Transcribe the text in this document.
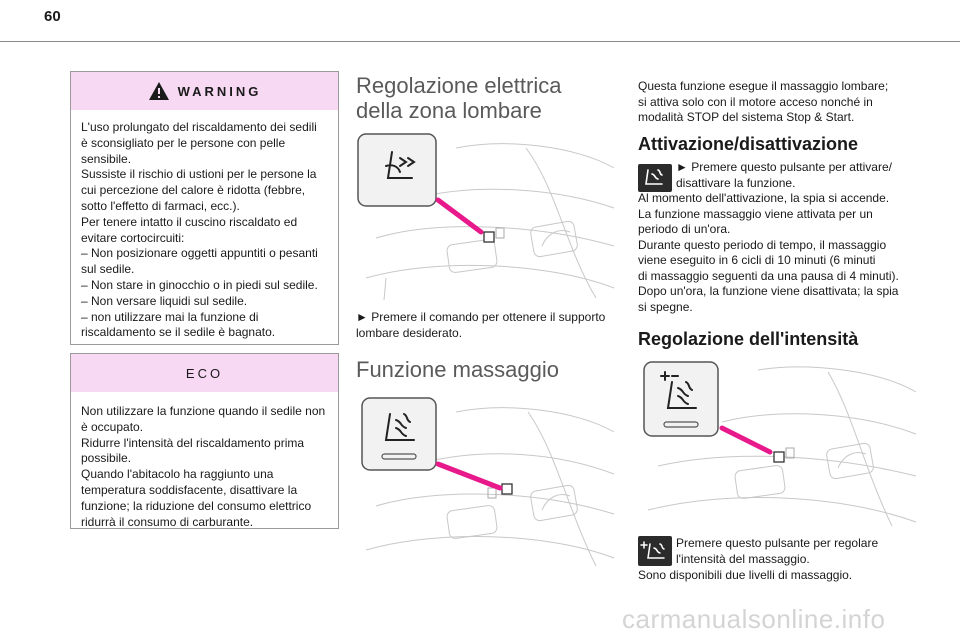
60
WARNING

L'uso prolungato del riscaldamento dei sedili

è sconsigliato per le persone con pelle

sensibile.

Sussiste il rischio di ustioni per le persone la

cui percezione del calore è ridotta (febbre,

sotto l'effetto di farmaci, ecc.).

Per tenere intatto il cuscino riscaldato ed

evitare cortocircuiti:

– Non posizionare oggetti appuntiti o pesanti

sul sedile.

– Non stare in ginocchio o in piedi sul sedile.

– Non versare liquidi sul sedile.

– non utilizzare mai la funzione di

riscaldamento se il sedile è bagnato.

ECO

Non utilizzare la funzione quando il sedile non

è occupato.

Ridurre l'intensità del riscaldamento prima

possibile.

Quando l'abitacolo ha raggiunto una

temperatura soddisfacente, disattivare la

funzione; la riduzione del consumo elettrico

ridurrà il consumo di carburante.

Regolazione elettrica
della zona lombare

► Premere il comando per ottenere il supporto

lombare desiderato.

Funzione massaggio

Questa funzione esegue il massaggio lombare;

si attiva solo con il motore acceso nonché in

modalità STOP del sistema Stop & Start.

Attivazione/disattivazione

► Premere questo pulsante per attivare/

disattivare la funzione.

Al momento dell'attivazione, la spia si accende.

La funzione massaggio viene attivata per un

periodo di un'ora.

Durante questo periodo di tempo, il massaggio

viene eseguito in 6 cicli di 10 minuti (6 minuti

di massaggio seguenti da una pausa di 4 minuti).

Dopo un'ora, la funzione viene disattivata; la spia

si spegne.

Regolazione dell'intensità

Premere questo pulsante per regolare

l'intensità del massaggio.

Sono disponibili due livelli di massaggio.
carmanualsonline.info
